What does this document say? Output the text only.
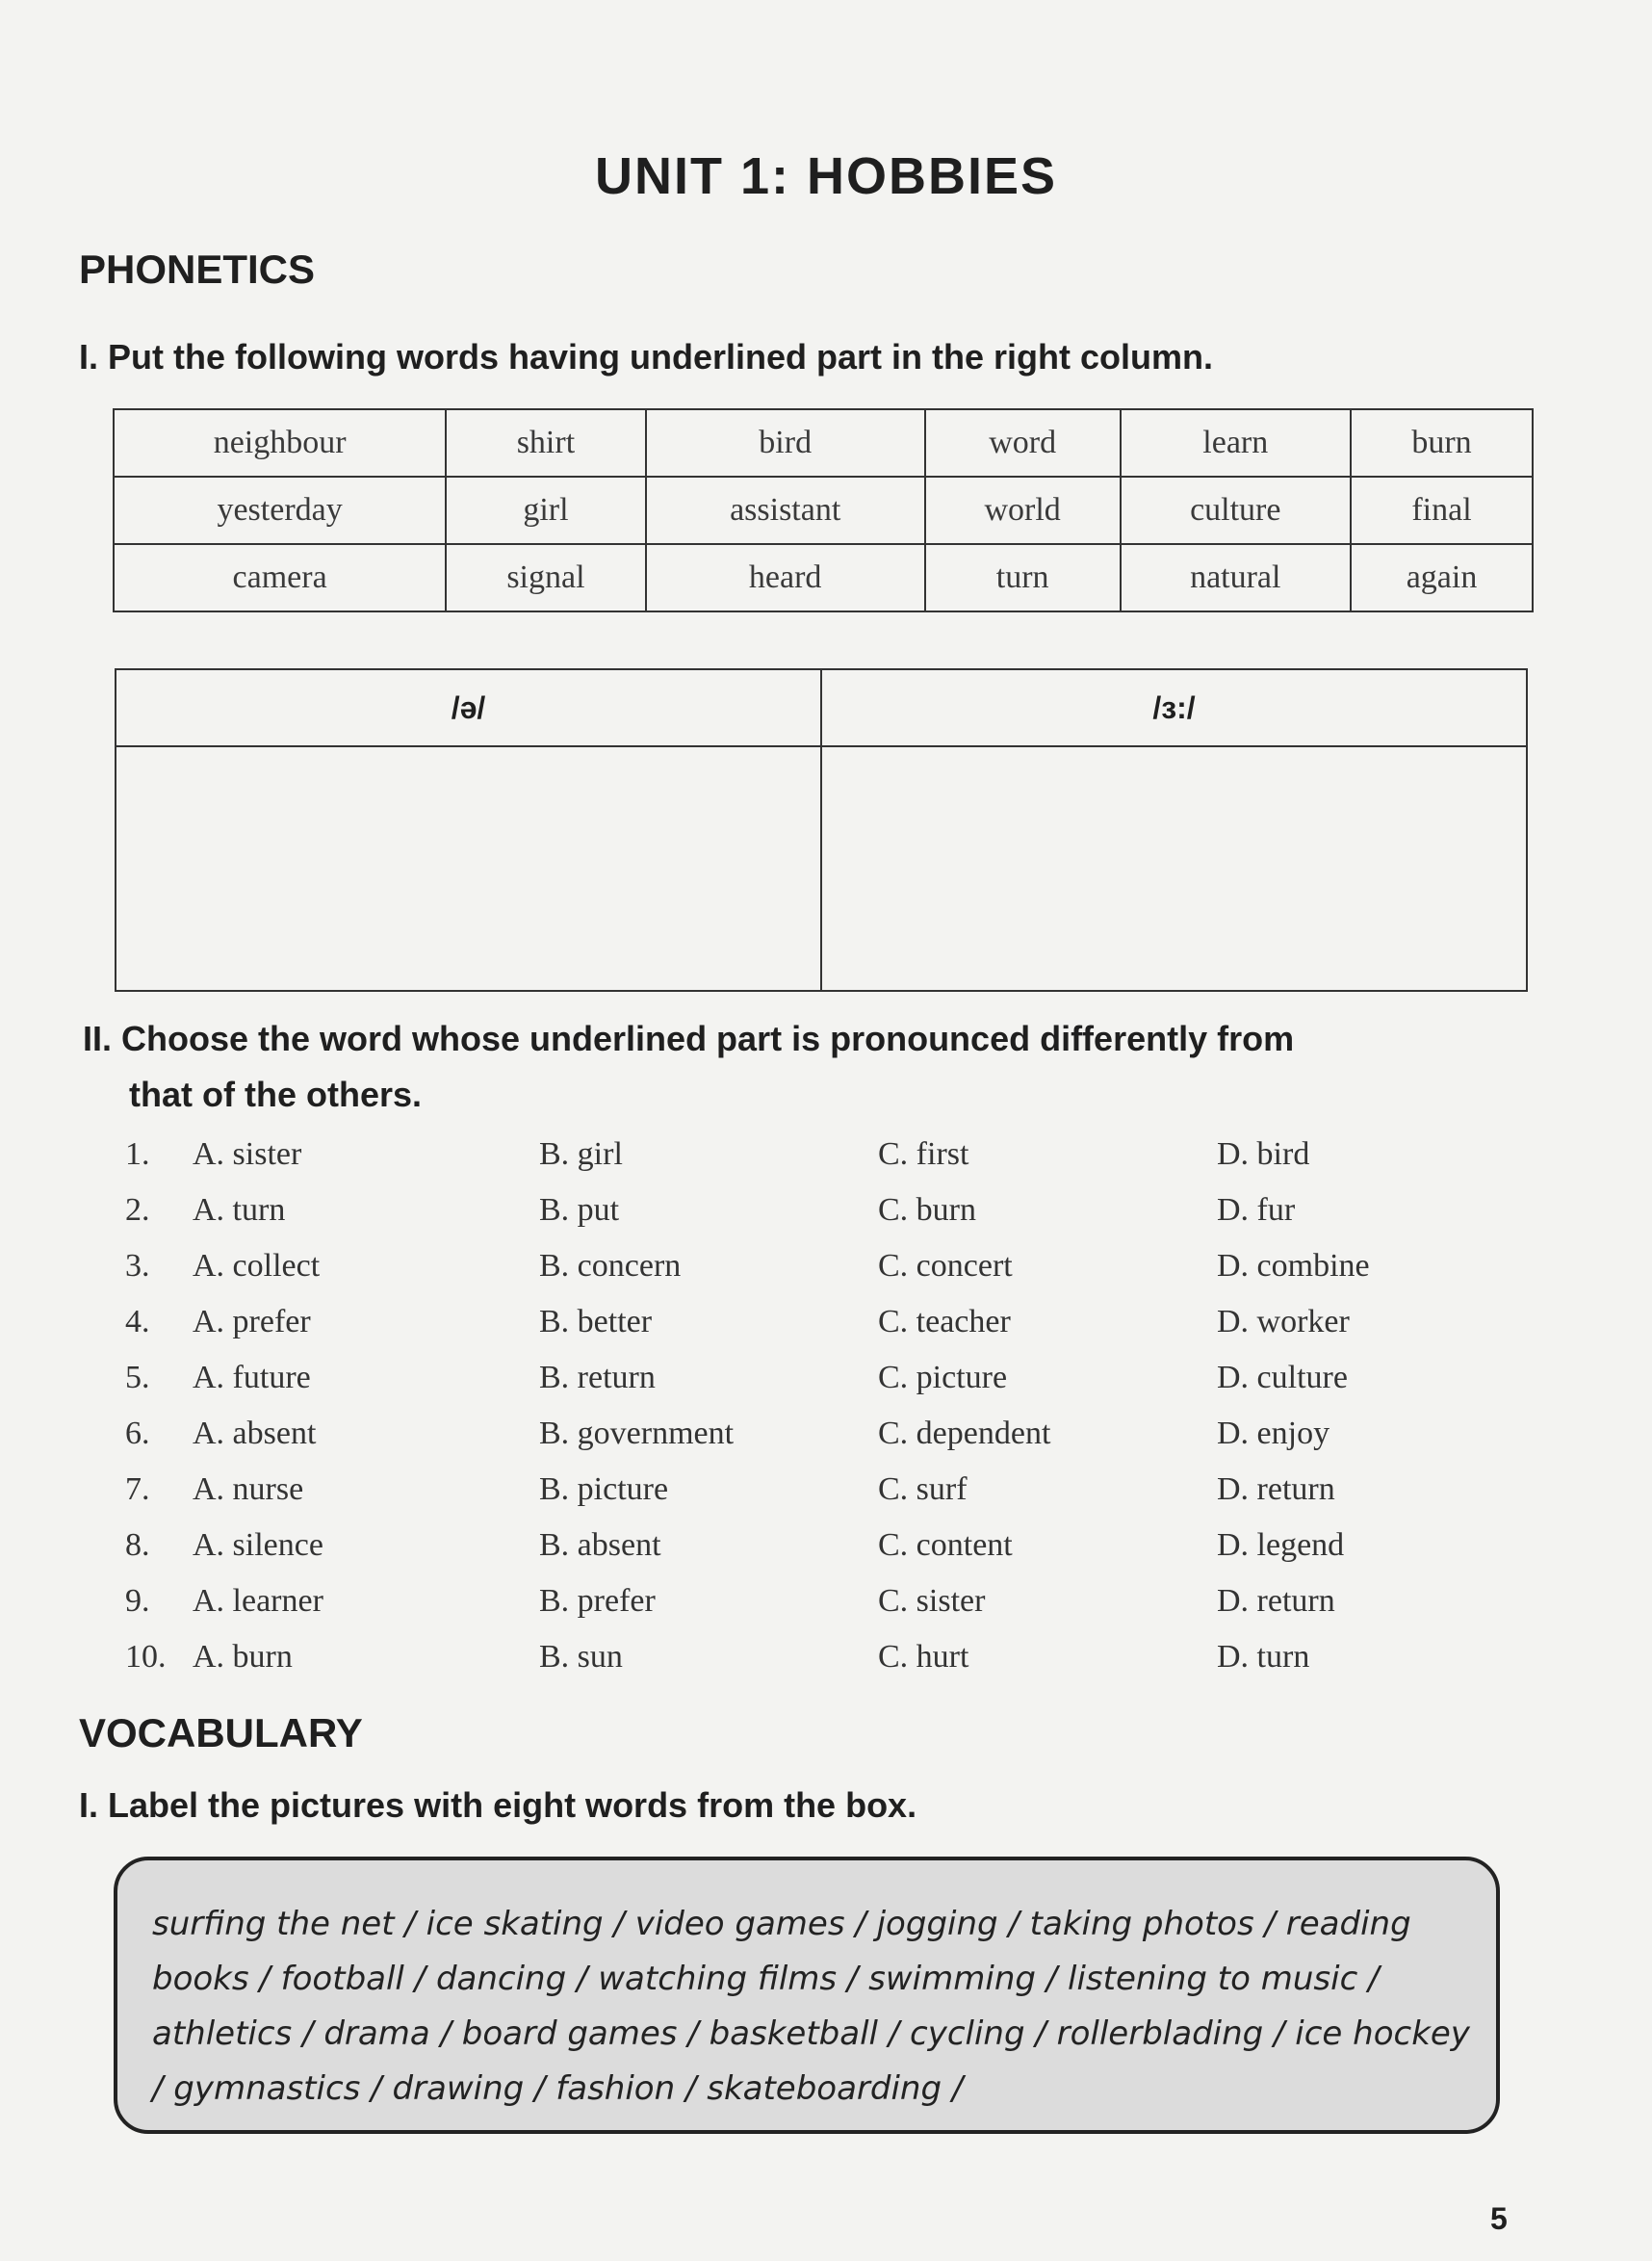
UNIT 1: HOBBIES
PHONETICS
I. Put the following words having underlined part in the right column.
neighbour	shirt	bird	word	learn	burn
yesterday	girl	assistant	world	culture	final
camera	signal	heard	turn	natural	again
/ə/	/ɜ:/

II. Choose the word whose underlined part is pronounced differently from
that of the others.
1. A. sister	B. girl	C. first	D. bird
2. A. turn	B. put	C. burn	D. fur
3. A. collect	B. concern	C. concert	D. combine
4. A. prefer	B. better	C. teacher	D. worker
5. A. future	B. return	C. picture	D. culture
6. A. absent	B. government	C. dependent	D. enjoy
7. A. nurse	B. picture	C. surf	D. return
8. A. silence	B. absent	C. content	D. legend
9. A. learner	B. prefer	C. sister	D. return
10. A. burn	B. sun	C. hurt	D. turn
VOCABULARY
I. Label the pictures with eight words from the box.
surfing the net / ice skating / video games / jogging / taking photos / reading
books / football / dancing / watching films / swimming / listening to music /
athletics / drama / board games / basketball / cycling / rollerblading / ice hockey
/ gymnastics / drawing / fashion / skateboarding /
5
